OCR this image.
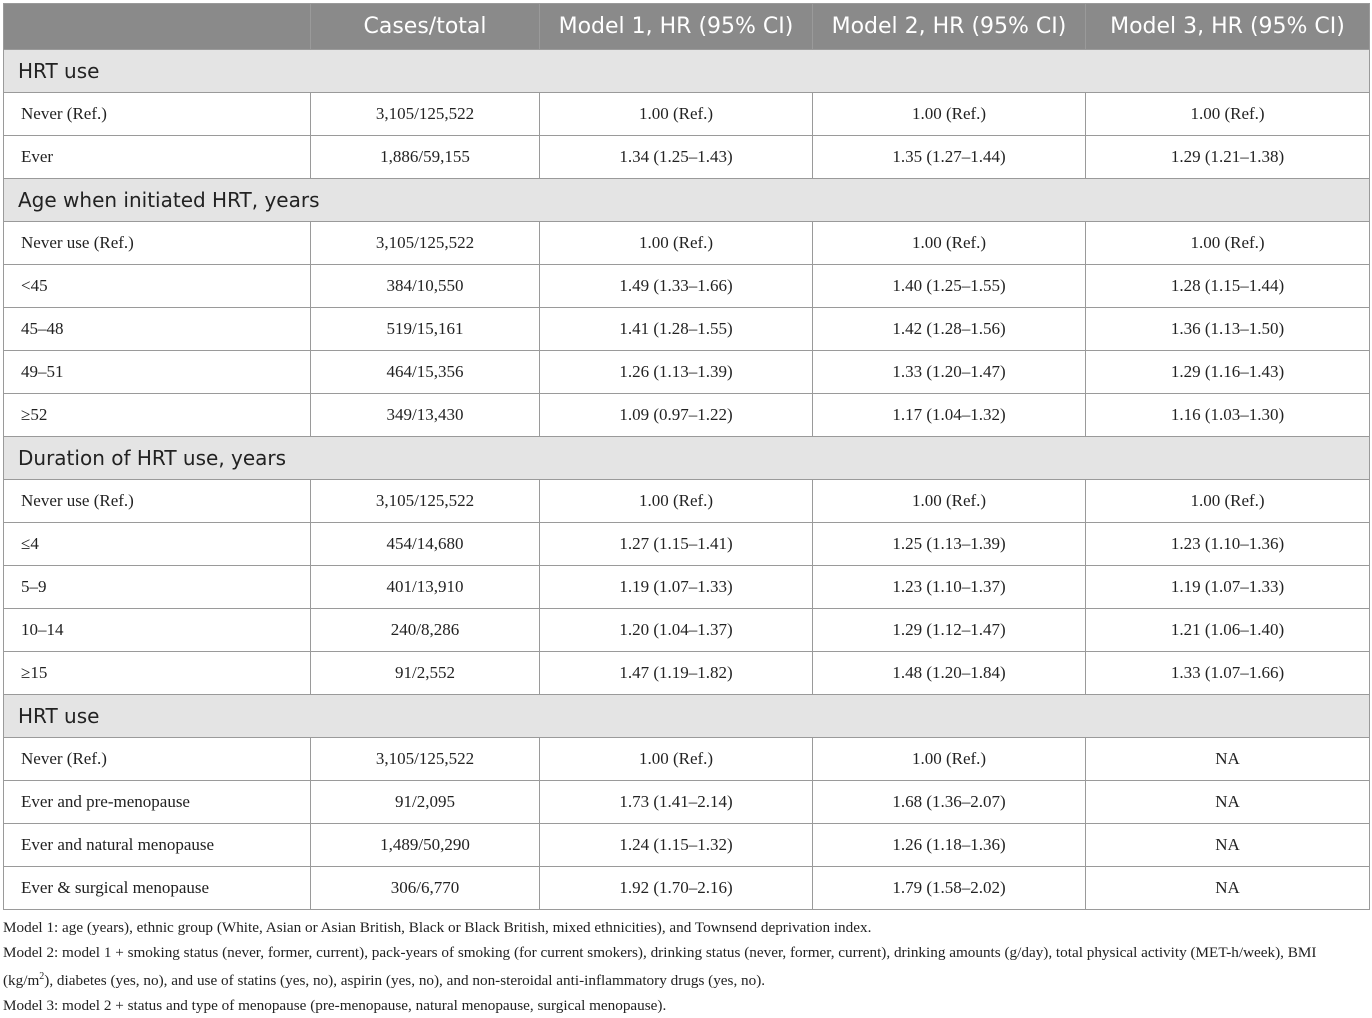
	Cases/total	Model 1, HR (95% CI)	Model 2, HR (95% CI)	Model 3, HR (95% CI)
HRT use				
Never (Ref.)	3,105/125,522	1.00 (Ref.)	1.00 (Ref.)	1.00 (Ref.)
Ever	1,886/59,155	1.34 (1.25–1.43)	1.35 (1.27–1.44)	1.29 (1.21–1.38)
Age when initiated HRT, years				
Never use (Ref.)	3,105/125,522	1.00 (Ref.)	1.00 (Ref.)	1.00 (Ref.)
<45	384/10,550	1.49 (1.33–1.66)	1.40 (1.25–1.55)	1.28 (1.15–1.44)
45–48	519/15,161	1.41 (1.28–1.55)	1.42 (1.28–1.56)	1.36 (1.13–1.50)
49–51	464/15,356	1.26 (1.13–1.39)	1.33 (1.20–1.47)	1.29 (1.16–1.43)
≥52	349/13,430	1.09 (0.97–1.22)	1.17 (1.04–1.32)	1.16 (1.03–1.30)
Duration of HRT use, years				
Never use (Ref.)	3,105/125,522	1.00 (Ref.)	1.00 (Ref.)	1.00 (Ref.)
≤4	454/14,680	1.27 (1.15–1.41)	1.25 (1.13–1.39)	1.23 (1.10–1.36)
5–9	401/13,910	1.19 (1.07–1.33)	1.23 (1.10–1.37)	1.19 (1.07–1.33)
10–14	240/8,286	1.20 (1.04–1.37)	1.29 (1.12–1.47)	1.21 (1.06–1.40)
≥15	91/2,552	1.47 (1.19–1.82)	1.48 (1.20–1.84)	1.33 (1.07–1.66)
HRT use				
Never (Ref.)	3,105/125,522	1.00 (Ref.)	1.00 (Ref.)	NA
Ever and pre-menopause	91/2,095	1.73 (1.41–2.14)	1.68 (1.36–2.07)	NA
Ever and natural menopause	1,489/50,290	1.24 (1.15–1.32)	1.26 (1.18–1.36)	NA
Ever & surgical menopause	306/6,770	1.92 (1.70–2.16)	1.79 (1.58–2.02)	NA
Model 1: age (years), ethnic group (White, Asian or Asian British, Black or Black British, mixed ethnicities), and Townsend deprivation index.
Model 2: model 1 + smoking status (never, former, current), pack-years of smoking (for current smokers), drinking status (never, former, current), drinking amounts (g/day), total physical activity (MET-h/week), BMI $(kg/m^2)$, diabetes (yes, no), and use of statins (yes, no), aspirin (yes, no), and non-steroidal anti-inflammatory drugs (yes, no).
Model 3: model 2 + status and type of menopause (pre-menopause, natural menopause, surgical menopause).
